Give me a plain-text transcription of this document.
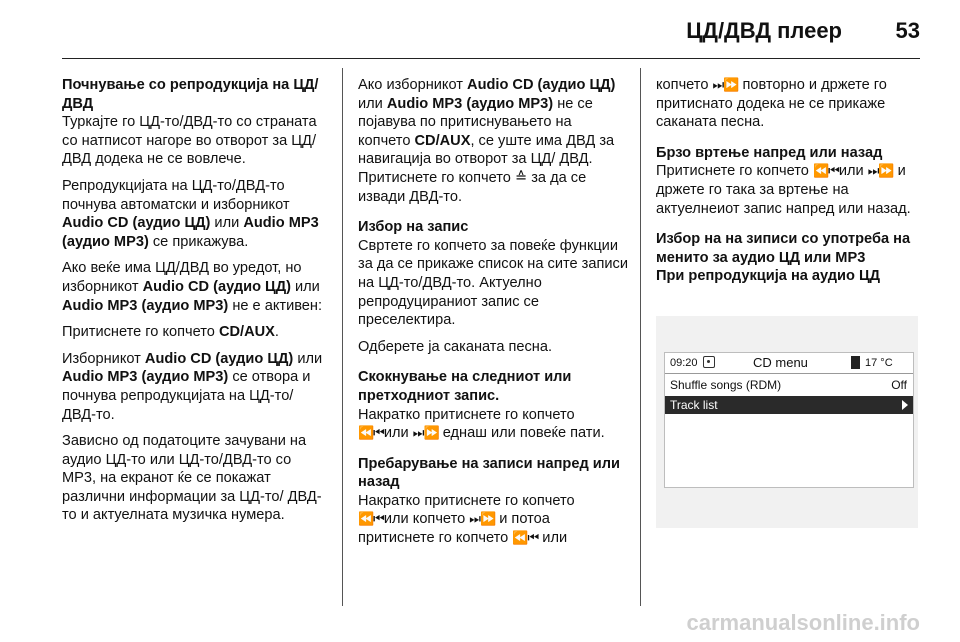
ЦД/ДВД плеер 53
Почнување со репродукција на ЦД/ДВД

Туркајте го ЦД-то/ДВД-то со страната со натписот нагоре во отворот за ЦД/ДВД додека не се вовлече.

Репродукцијата на ЦД-то/ДВД-то почнува автоматски и изборникот Audio CD (аудио ЦД) или Audio MP3 (аудио MP3) се прикажува.

Ако веќе има ЦД/ДВД во уредот, но изборникот Audio CD (аудио ЦД) или Audio MP3 (аудио MP3) не е активен:

Притиснете го копчето CD/AUX.

Изборникот Audio CD (аудио ЦД) или Audio MP3 (аудио MP3) се отвора и почнува репродукцијата на ЦД-то/ДВД-то.

Зависно од податоците зачувани на аудио ЦД-то или ЦД-то/ДВД-то со MP3, на екранот ќе се покажат различни информации за ЦД-то/ ДВД-то и актуелната музичка нумера.

Ако изборникот Audio CD (аудио ЦД) или Audio MP3 (аудио MP3) не се појавува по притиснувањето на копчето CD/AUX, се уште има ДВД за навигација во отворот за ЦД/ ДВД. Притиснете го копчето ≙ за да се извади ДВД-то.

Избор на запис

Свртете го копчето за повеќе функции за да се прикаже список на сите записи на ЦД-то/ДВД-то. Актуелно репродуцираниот запис се преселектира.

Одберете ја саканата песна.

Скокнување на следниот или претходниот запис.

Накратко притиснете го копчето ⏪⏮или ⏭⏩ еднаш или повеќе пати.

Пребарување на записи напред или назад

Накратко притиснете го копчето ⏪⏮или копчето ⏭⏩ и потоа притиснете го копчето ⏪⏮ или

копчето ⏭⏩ повторно и држете го притиснато додека не се прикаже саканата песна.

Брзо вртење напред или назад

Притиснете го копчето ⏪⏮или ⏭⏩ и држете го така за вртење на актуелнеиот запис напред или назад.

Избор на на зиписи со употреба на менито за аудио ЦД или MP3
При репродукција на аудио ЦД
09:20	CD menu	17 °C
Shuffle songs (RDM)	Off
Track list
carmanualsonline.info
